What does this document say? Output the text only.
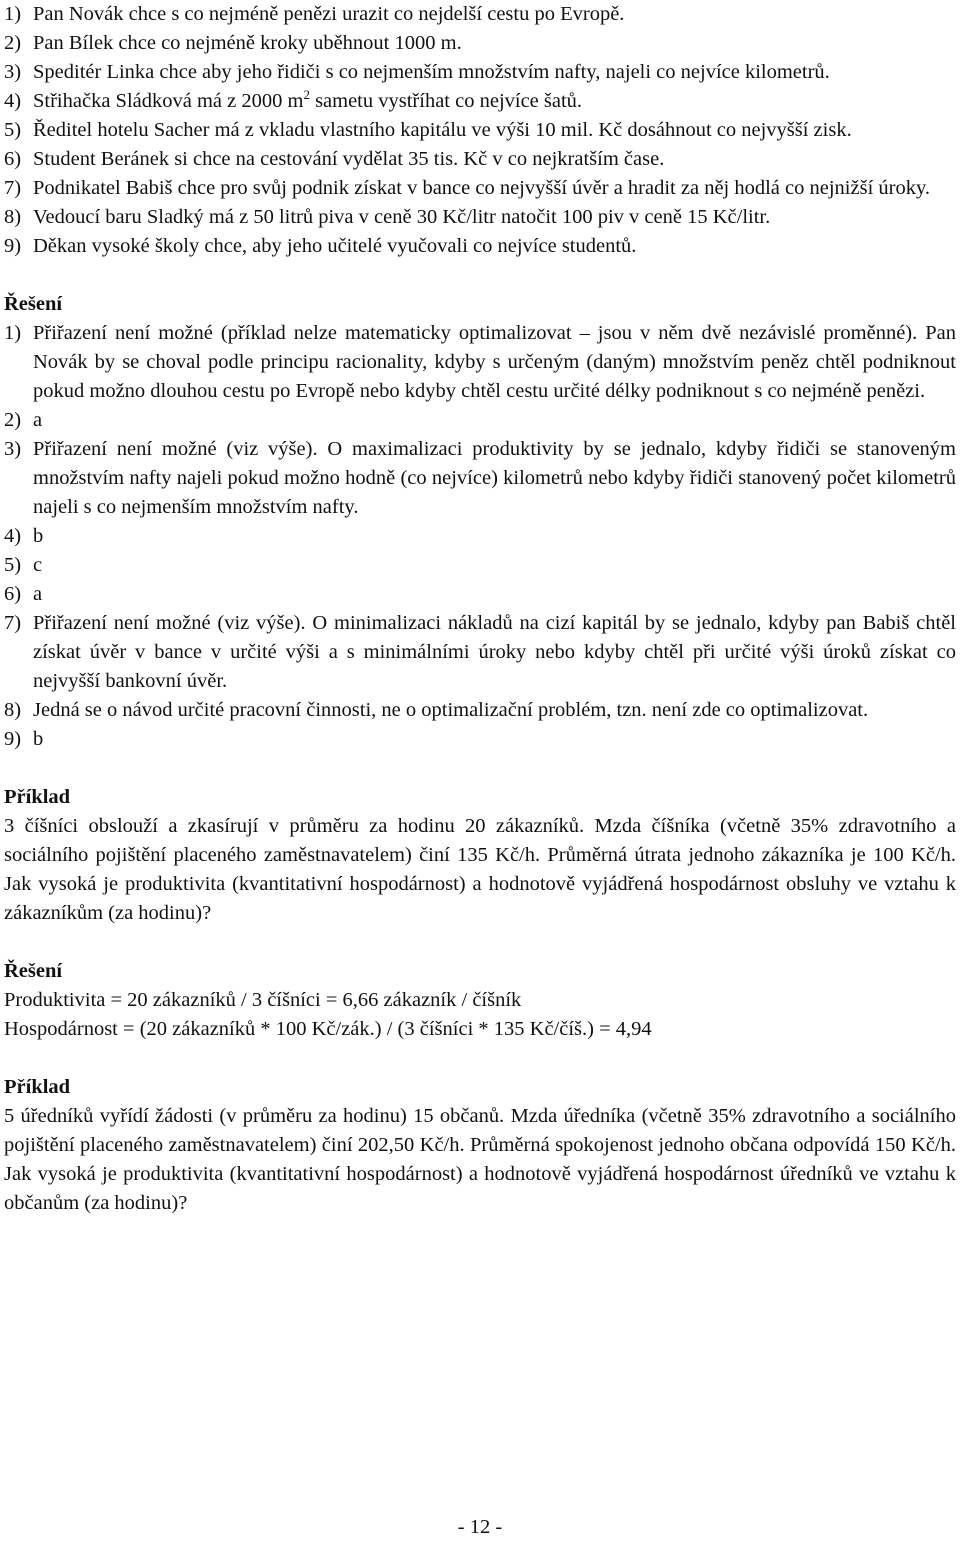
1) Pan Novák chce s co nejméně penězi urazit co nejdelší cestu po Evropě.
2) Pan Bílek chce co nejméně kroky uběhnout 1000 m.
3) Speditér Linka chce aby jeho řidiči s co nejmenším množstvím nafty, najeli co nejvíce kilometrů.
4) Střihačka Sládková má z 2000 $m^2$ sametu vystříhat co nejvíce šatů.
5) Ředitel hotelu Sacher má z vkladu vlastního kapitálu ve výši 10 mil. Kč dosáhnout co nejvyšší zisk.
6) Student Beránek si chce na cestování vydělat 35 tis. Kč v co nejkratším čase.
7) Podnikatel Babiš chce pro svůj podnik získat v bance co nejvyšší úvěr a hradit za něj hodlá co nejnižší úroky.
8) Vedoucí baru Sladký má z 50 litrů piva v ceně 30 Kč/litr natočit 100 piv v ceně 15 Kč/litr.
9) Děkan vysoké školy chce, aby jeho učitelé vyučovali co nejvíce studentů.

Řešení

1) Přiřazení není možné (příklad nelze matematicky optimalizovat – jsou v něm dvě nezávislé proměnné). Pan Novák by se choval podle principu racionality, kdyby s určeným (daným) množstvím peněz chtěl podniknout pokud možno dlouhou cestu po Evropě nebo kdyby chtěl cestu určité délky podniknout s co nejméně penězi.
2) a
3) Přiřazení není možné (viz výše). O maximalizaci produktivity by se jednalo, kdyby řidiči se stanoveným množstvím nafty najeli pokud možno hodně (co nejvíce) kilometrů nebo kdyby řidiči stanovený počet kilometrů najeli s co nejmenším množstvím nafty.
4) b
5) c
6) a
7) Přiřazení není možné (viz výše). O minimalizaci nákladů na cizí kapitál by se jednalo, kdyby pan Babiš chtěl získat úvěr v bance v určité výši a s minimálními úroky nebo kdyby chtěl při určité výši úroků získat co nejvyšší bankovní úvěr.
8) Jedná se o návod určité pracovní činnosti, ne o optimalizační problém, tzn. není zde co optimalizovat.
9) b

Příklad

3 číšníci obslouží a zkasírují v průměru za hodinu 20 zákazníků. Mzda číšníka (včetně 35% zdravotního a sociálního pojištění placeného zaměstnavatelem) činí 135 Kč/h. Průměrná útrata jednoho zákazníka je 100 Kč/h. Jak vysoká je produktivita (kvantitativní hospodárnost) a hodnotově vyjádřená hospodárnost obsluhy ve vztahu k zákazníkům (za hodinu)?

Řešení

Produktivita = 20 zákazníků / 3 číšníci = 6,66 zákazník / číšník

Hospodárnost = (20 zákazníků * 100 Kč/zák.) / (3 číšníci * 135 Kč/číš.) = 4,94

Příklad

5 úředníků vyřídí žádosti (v průměru za hodinu) 15 občanů. Mzda úředníka (včetně 35% zdravotního a sociálního pojištění placeného zaměstnavatelem) činí 202,50 Kč/h. Průměrná spokojenost jednoho občana odpovídá 150 Kč/h. Jak vysoká je produktivita (kvantitativní hospodárnost) a hodnotově vyjádřená hospodárnost úředníků ve vztahu k občanům (za hodinu)?

- 12 -
